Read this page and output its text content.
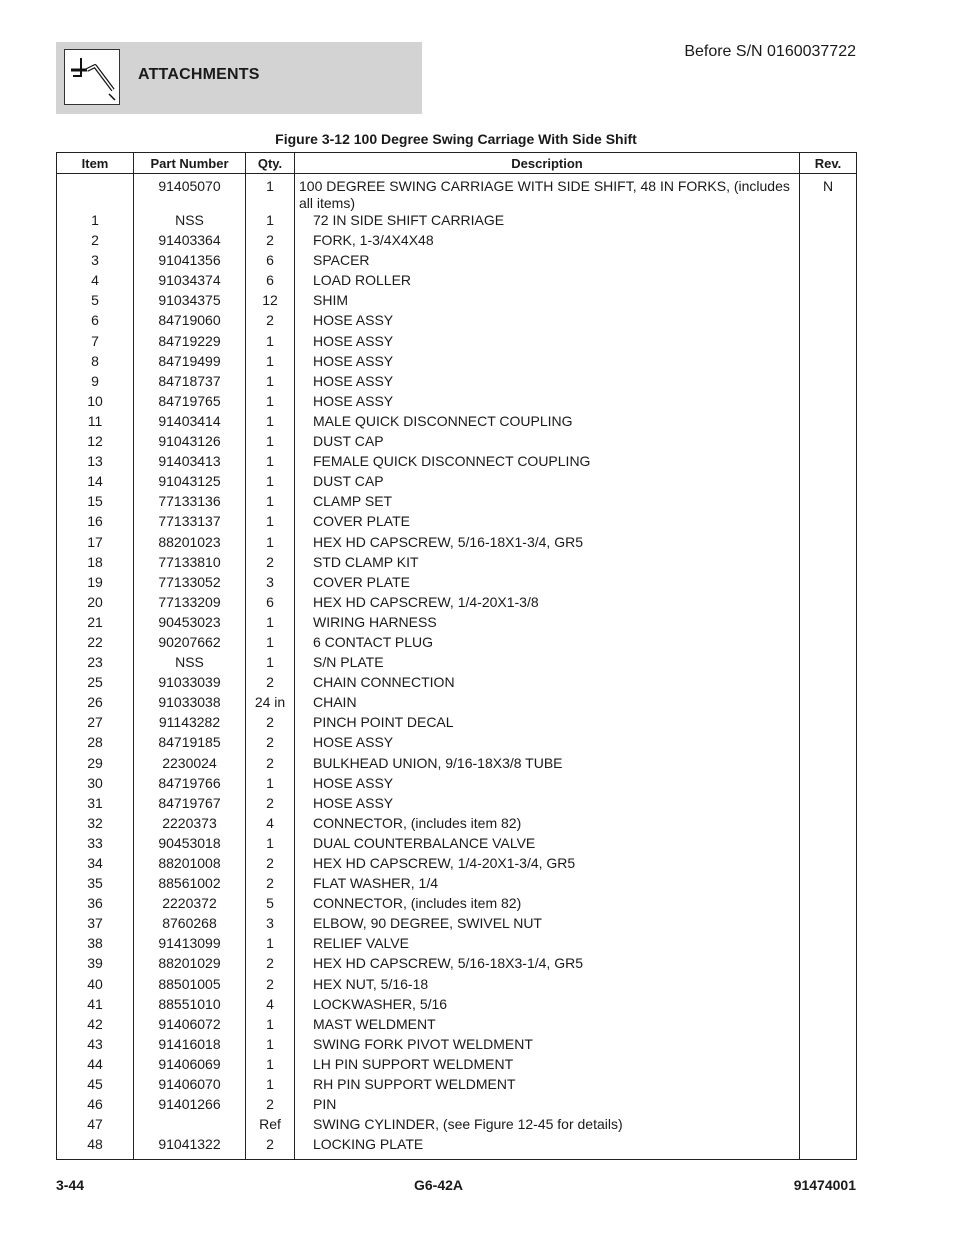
ATTACHMENTS
Before S/N 0160037722
Figure 3-12 100 Degree Swing Carriage With Side Shift
Item	Part Number	Qty.	Description	Rev.
	91405070	1	100 DEGREE SWING CARRIAGE WITH SIDE SHIFT, 48 IN FORKS, (includes all items)	N
1	NSS	1	72 IN SIDE SHIFT CARRIAGE	
2	91403364	2	FORK, 1-3/4X4X48	
3	91041356	6	SPACER	
4	91034374	6	LOAD ROLLER	
5	91034375	12	SHIM	
6	84719060	2	HOSE ASSY	
7	84719229	1	HOSE ASSY	
8	84719499	1	HOSE ASSY	
9	84718737	1	HOSE ASSY	
10	84719765	1	HOSE ASSY	
11	91403414	1	MALE QUICK DISCONNECT COUPLING	
12	91043126	1	DUST CAP	
13	91403413	1	FEMALE QUICK DISCONNECT COUPLING	
14	91043125	1	DUST CAP	
15	77133136	1	CLAMP SET	
16	77133137	1	COVER PLATE	
17	88201023	1	HEX HD CAPSCREW, 5/16-18X1-3/4, GR5	
18	77133810	2	STD CLAMP KIT	
19	77133052	3	COVER PLATE	
20	77133209	6	HEX HD CAPSCREW, 1/4-20X1-3/8	
21	90453023	1	WIRING HARNESS	
22	90207662	1	6 CONTACT PLUG	
23	NSS	1	S/N PLATE	
25	91033039	2	CHAIN CONNECTION	
26	91033038	24 in	CHAIN	
27	91143282	2	PINCH POINT DECAL	
28	84719185	2	HOSE ASSY	
29	2230024	2	BULKHEAD UNION, 9/16-18X3/8 TUBE	
30	84719766	1	HOSE ASSY	
31	84719767	2	HOSE ASSY	
32	2220373	4	CONNECTOR, (includes item 82)	
33	90453018	1	DUAL COUNTERBALANCE VALVE	
34	88201008	2	HEX HD CAPSCREW, 1/4-20X1-3/4, GR5	
35	88561002	2	FLAT WASHER, 1/4	
36	2220372	5	CONNECTOR, (includes item 82)	
37	8760268	3	ELBOW, 90 DEGREE, SWIVEL NUT	
38	91413099	1	RELIEF VALVE	
39	88201029	2	HEX HD CAPSCREW, 5/16-18X3-1/4, GR5	
40	88501005	2	HEX NUT, 5/16-18	
41	88551010	4	LOCKWASHER, 5/16	
42	91406072	1	MAST WELDMENT	
43	91416018	1	SWING FORK PIVOT WELDMENT	
44	91406069	1	LH PIN SUPPORT WELDMENT	
45	91406070	1	RH PIN SUPPORT WELDMENT	
46	91401266	2	PIN	
47		Ref	SWING CYLINDER, (see Figure 12-45 for details)	
48	91041322	2	LOCKING PLATE	
3-44	G6-42A	91474001
